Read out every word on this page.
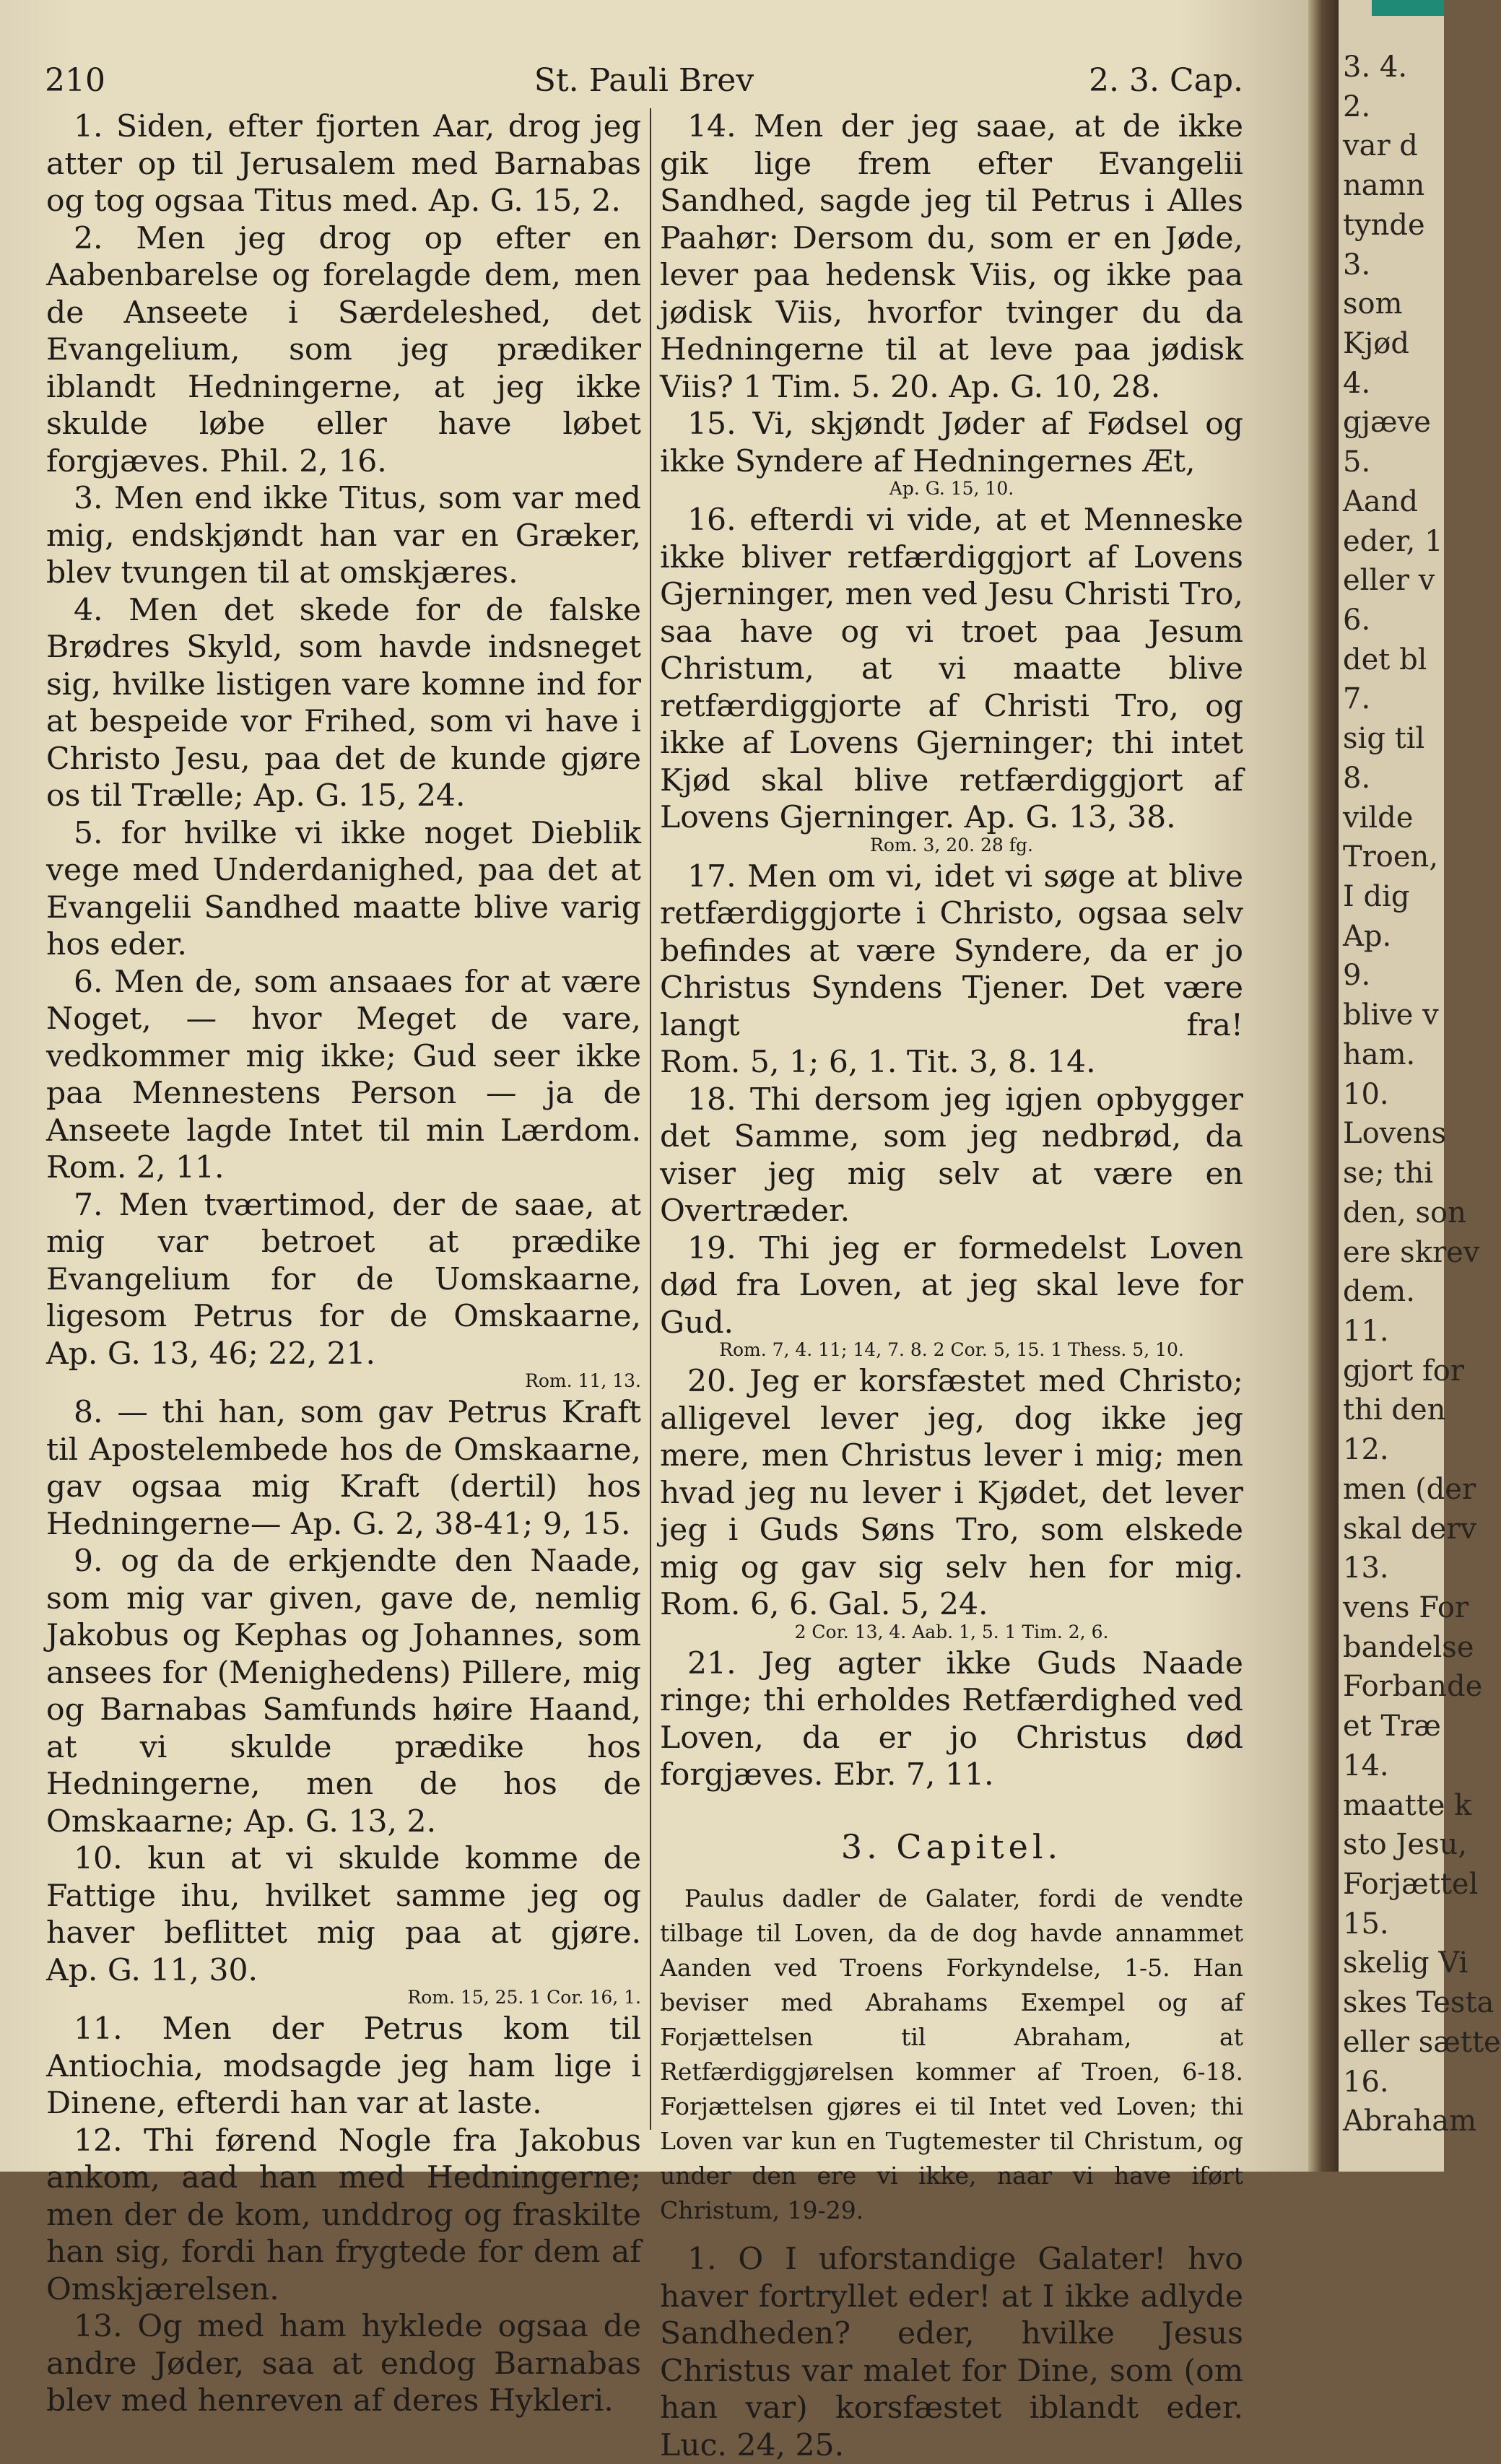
210	St. Pauli Brev	2. 3. Cap.

1. Siden, efter fjorten Aar, drog jeg atter op til Jerusalem med Barnabas og tog ogsaa Titus med. Ap. G. 15, 2.

2. Men jeg drog op efter en Aabenbarelse og forelagde dem, men de Anseete i Særdeleshed, det Evangelium, som jeg prædiker iblandt Hedningerne, at jeg ikke skulde løbe eller have løbet forgjæves. Phil. 2, 16.

3. Men end ikke Titus, som var med mig, endskjøndt han var en Græker, blev tvungen til at omskjæres.

4. Men det skede for de falske Brødres Skyld, som havde indsneget sig, hvilke listigen vare komne ind for at bespeide vor Frihed, som vi have i Christo Jesu, paa det de kunde gjøre os til Trælle; Ap. G. 15, 24.

5. for hvilke vi ikke noget Dieblik vege med Underdanighed, paa det at Evangelii Sandhed maatte blive varig hos eder.

6. Men de, som ansaaes for at være Noget, — hvor Meget de vare, vedkommer mig ikke; Gud seer ikke paa Mennestens Person — ja de Anseete lagde Intet til min Lærdom. Rom. 2, 11.

7. Men tværtimod, der de saae, at mig var betroet at prædike Evangelium for de Uomskaarne, ligesom Petrus for de Omskaarne, Ap. G. 13, 46; 22, 21.

Rom. 11, 13.

8. — thi han, som gav Petrus Kraft til Apostelembede hos de Omskaarne, gav ogsaa mig Kraft (dertil) hos Hedningerne— Ap. G. 2, 38-41; 9, 15.

9. og da de erkjendte den Naade, som mig var given, gave de, nemlig Jakobus og Kephas og Johannes, som ansees for (Menighedens) Pillere, mig og Barnabas Samfunds høire Haand, at vi skulde prædike hos Hedningerne, men de hos de Omskaarne; Ap. G. 13, 2.

10. kun at vi skulde komme de Fattige ihu, hvilket samme jeg og haver beflittet mig paa at gjøre. Ap. G. 11, 30.

Rom. 15, 25. 1 Cor. 16, 1.

11. Men der Petrus kom til Antiochia, modsagde jeg ham lige i Dinene, efterdi han var at laste.

12. Thi førend Nogle fra Jakobus ankom, aad han med Hedningerne; men der de kom, unddrog og fraskilte han sig, fordi han frygtede for dem af Omskjærelsen.

13. Og med ham hyklede ogsaa de andre Jøder, saa at endog Barnabas blev med henreven af deres Hykleri.

14. Men der jeg saae, at de ikke gik lige frem efter Evangelii Sandhed, sagde jeg til Petrus i Alles Paahør: Dersom du, som er en Jøde, lever paa hedensk Viis, og ikke paa jødisk Viis, hvorfor tvinger du da Hedningerne til at leve paa jødisk Viis? 1 Tim. 5. 20. Ap. G. 10, 28.

15. Vi, skjøndt Jøder af Fødsel og ikke Syndere af Hedningernes Æt,

Ap. G. 15, 10.

16. efterdi vi vide, at et Menneske ikke bliver retfærdiggjort af Lovens Gjerninger, men ved Jesu Christi Tro, saa have og vi troet paa Jesum Christum, at vi maatte blive retfærdiggjorte af Christi Tro, og ikke af Lovens Gjerninger; thi intet Kjød skal blive retfærdiggjort af Lovens Gjerninger. Ap. G. 13, 38.

Rom. 3, 20. 28 fg.

17. Men om vi, idet vi søge at blive retfærdiggjorte i Christo, ogsaa selv befindes at være Syndere, da er jo Christus Syndens Tjener. Det være langt fra! Rom. 5, 1; 6, 1. Tit. 3, 8. 14.

18. Thi dersom jeg igjen opbygger det Samme, som jeg nedbrød, da viser jeg mig selv at være en Overtræder.

19. Thi jeg er formedelst Loven død fra Loven, at jeg skal leve for Gud.

Rom. 7, 4. 11; 14, 7. 8. 2 Cor. 5, 15. 1 Thess. 5, 10.

20. Jeg er korsfæstet med Christo; alligevel lever jeg, dog ikke jeg mere, men Christus lever i mig; men hvad jeg nu lever i Kjødet, det lever jeg i Guds Søns Tro, som elskede mig og gav sig selv hen for mig. Rom. 6, 6. Gal. 5, 24.

2 Cor. 13, 4. Aab. 1, 5. 1 Tim. 2, 6.

21. Jeg agter ikke Guds Naade ringe; thi erholdes Retfærdighed ved Loven, da er jo Christus død forgjæves. Ebr. 7, 11.

3. Capitel.

Paulus dadler de Galater, fordi de vendte tilbage til Loven, da de dog havde annammet Aanden ved Troens Forkyndelse, 1-5. Han beviser med Abrahams Exempel og af Forjættelsen til Abraham, at Retfærdiggjørelsen kommer af Troen, 6-18. Forjættelsen gjøres ei til Intet ved Loven; thi Loven var kun en Tugtemester til Christum, og under den ere vi ikke, naar vi have iført Christum, 19-29.

1. O I uforstandige Galater! hvo haver fortryllet eder! at I ikke adlyde Sandheden? eder, hvilke Jesus Christus var malet for Dine, som (om han var) korsfæstet iblandt eder. Luc. 24, 25.

3. 4.
2.
var d
namn
tynde
3.
som
Kjød
4.
gjæve
5.
Aand
eder, 1
eller v
6.
det bl
7.
sig til
8.
vilde
Troen,
I dig
Ap.
9.
blive v
ham.
10.
Lovens
se; thi
den, son
ere skrev
dem.
11.
gjort for
thi den
12.
men (der
skal derv
13.
vens For
bandelse
Forbande
et Træ
14.
maatte k
sto Jesu,
Forjættel
15.
skelig Vi
skes Testa
eller sætte
16.
Abraham
